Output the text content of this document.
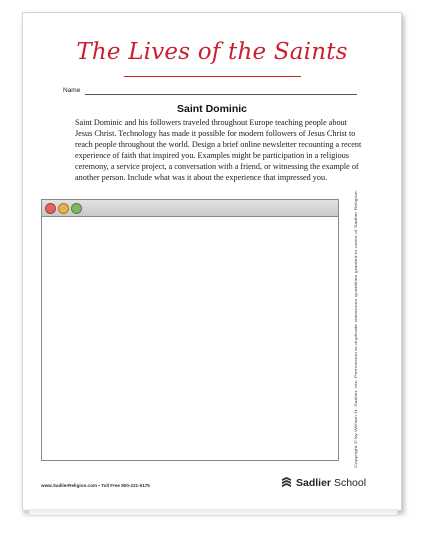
The Lives of the Saints
Name
Saint Dominic
Saint Dominic and his followers traveled throughout Europe teaching people about Jesus Christ. Technology has made it possible for modern followers of Jesus Christ to reach people throughout the world. Design a brief online newsletter recounting a recent experience of faith that inspired you. Examples might be participation in a religious ceremony, a service project, a conversation with a friend, or witnessing the example of another person. Include what was it about the experience that impressed you.
Copyright © by William H. Sadlier, Inc. Permission to duplicate classroom quantities granted to users of Sadlier Religion.
www.SadlierReligion.com • Toll Free 800-221-5175	Sadlier School
